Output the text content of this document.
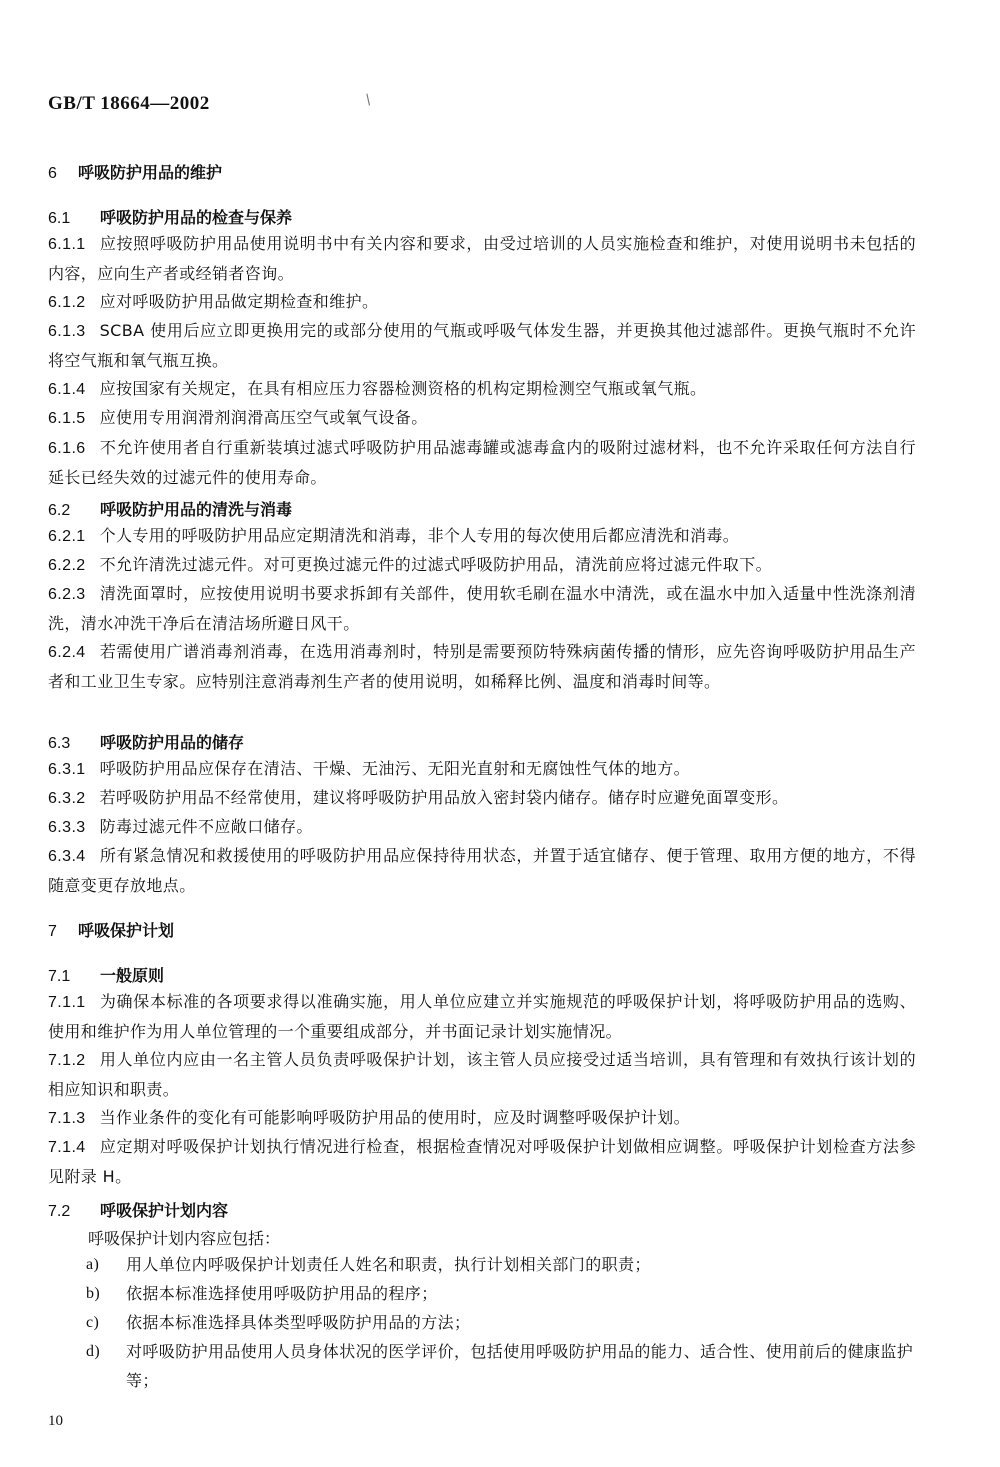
GB/T 18664—2002	/
6 呼吸防护用品的维护
6.1 呼吸防护用品的检查与保养
6.1.1 应按照呼吸防护用品使用说明书中有关内容和要求，由受过培训的人员实施检查和维护，对使用说明书未包括的内容，应向生产者或经销者咨询。
6.1.2 应对呼吸防护用品做定期检查和维护。
6.1.3 SCBA 使用后应立即更换用完的或部分使用的气瓶或呼吸气体发生器，并更换其他过滤部件。更换气瓶时不允许将空气瓶和氧气瓶互换。
6.1.4 应按国家有关规定，在具有相应压力容器检测资格的机构定期检测空气瓶或氧气瓶。
6.1.5 应使用专用润滑剂润滑高压空气或氧气设备。
6.1.6 不允许使用者自行重新装填过滤式呼吸防护用品滤毒罐或滤毒盒内的吸附过滤材料，也不允许采取任何方法自行延长已经失效的过滤元件的使用寿命。
6.2 呼吸防护用品的清洗与消毒
6.2.1 个人专用的呼吸防护用品应定期清洗和消毒，非个人专用的每次使用后都应清洗和消毒。
6.2.2 不允许清洗过滤元件。对可更换过滤元件的过滤式呼吸防护用品，清洗前应将过滤元件取下。
6.2.3 清洗面罩时，应按使用说明书要求拆卸有关部件，使用软毛刷在温水中清洗，或在温水中加入适量中性洗涤剂清洗，清水冲洗干净后在清洁场所避日风干。
6.2.4 若需使用广谱消毒剂消毒，在选用消毒剂时，特别是需要预防特殊病菌传播的情形，应先咨询呼吸防护用品生产者和工业卫生专家。应特别注意消毒剂生产者的使用说明，如稀释比例、温度和消毒时间等。
6.3 呼吸防护用品的储存
6.3.1 呼吸防护用品应保存在清洁、干燥、无油污、无阳光直射和无腐蚀性气体的地方。
6.3.2 若呼吸防护用品不经常使用，建议将呼吸防护用品放入密封袋内储存。储存时应避免面罩变形。
6.3.3 防毒过滤元件不应敞口储存。
6.3.4 所有紧急情况和救援使用的呼吸防护用品应保持待用状态，并置于适宜储存、便于管理、取用方便的地方，不得随意变更存放地点。
7 呼吸保护计划
7.1 一般原则
7.1.1 为确保本标准的各项要求得以准确实施，用人单位应建立并实施规范的呼吸保护计划，将呼吸防护用品的选购、使用和维护作为用人单位管理的一个重要组成部分，并书面记录计划实施情况。
7.1.2 用人单位内应由一名主管人员负责呼吸保护计划，该主管人员应接受过适当培训，具有管理和有效执行该计划的相应知识和职责。
7.1.3 当作业条件的变化有可能影响呼吸防护用品的使用时，应及时调整呼吸保护计划。
7.1.4 应定期对呼吸保护计划执行情况进行检查，根据检查情况对呼吸保护计划做相应调整。呼吸保护计划检查方法参见附录 H。
7.2 呼吸保护计划内容
呼吸保护计划内容应包括：
a) 用人单位内呼吸保护计划责任人姓名和职责，执行计划相关部门的职责；
b) 依据本标准选择使用呼吸防护用品的程序；
c) 依据本标准选择具体类型呼吸防护用品的方法；
d) 对呼吸防护用品使用人员身体状况的医学评价，包括使用呼吸防护用品的能力、适合性、使用前后的健康监护等；
10
